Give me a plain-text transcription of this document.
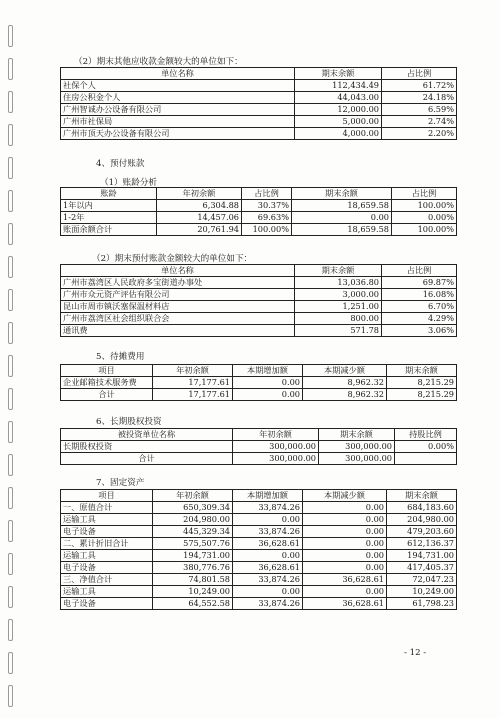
（2）期末其他应收款金额较大的单位如下：
单位名称	期末余额	占比例
社保个人	112,434.49	61.72%
住房公积金个人	44,043.00	24.18%
广州智诚办公设备有限公司	12,000.00	6.59%
广州市社保局	5,000.00	2.74%
广州市顶天办公设备有限公司	4,000.00	2.20%
4、预付账款
（1）账龄分析
账龄	年初余额	占比例	期末余额	占比例
1年以内	6,304.88	30.37%	18,659.58	100.00%
1-2年	14,457.06	69.63%	0.00	0.00%
账面余额合计	20,761.94	100.00%	18,659.58	100.00%
（2）期末预付账款金额较大的单位如下：
单位名称	期末余额	占比例
广州市荔湾区人民政府多宝街道办事处	13,036.80	69.87%
广州市众元资产评估有限公司	3,000.00	16.08%
昆山市周市镇沃塞保温材料店	1,251.00	6.70%
广州市荔湾区社会组织联合会	800.00	4.29%
通讯费	571.78	3.06%
5、待摊费用
项目	年初余额	本期增加额	本期减少额	期末余额
企业邮箱技术服务费	17,177.61	0.00	8,962.32	8,215.29
合计	17,177.61	0.00	8,962.32	8,215.29
6、长期股权投资
被投资单位名称	年初余额	期末余额	持股比例
长期股权投资	300,000.00	300,000.00	0.00%
合计	300,000.00	300,000.00	
7、固定资产
项目	年初余额	本期增加额	本期减少额	期末余额
一、原值合计	650,309.34	33,874.26	0.00	684,183.60
运输工具	204,980.00	0.00	0.00	204,980.00
电子设备	445,329.34	33,874.26	0.00	479,203.60
二、累计折旧合计	575,507.76	36,628.61	0.00	612,136.37
运输工具	194,731.00	0.00	0.00	194,731.00
电子设备	380,776.76	36,628.61	0.00	417,405.37
三、净值合计	74,801.58	33,874.26	36,628.61	72,047.23
运输工具	10,249.00	0.00	0.00	10,249.00
电子设备	64,552.58	33,874.26	36,628.61	61,798.23
- 12 -
